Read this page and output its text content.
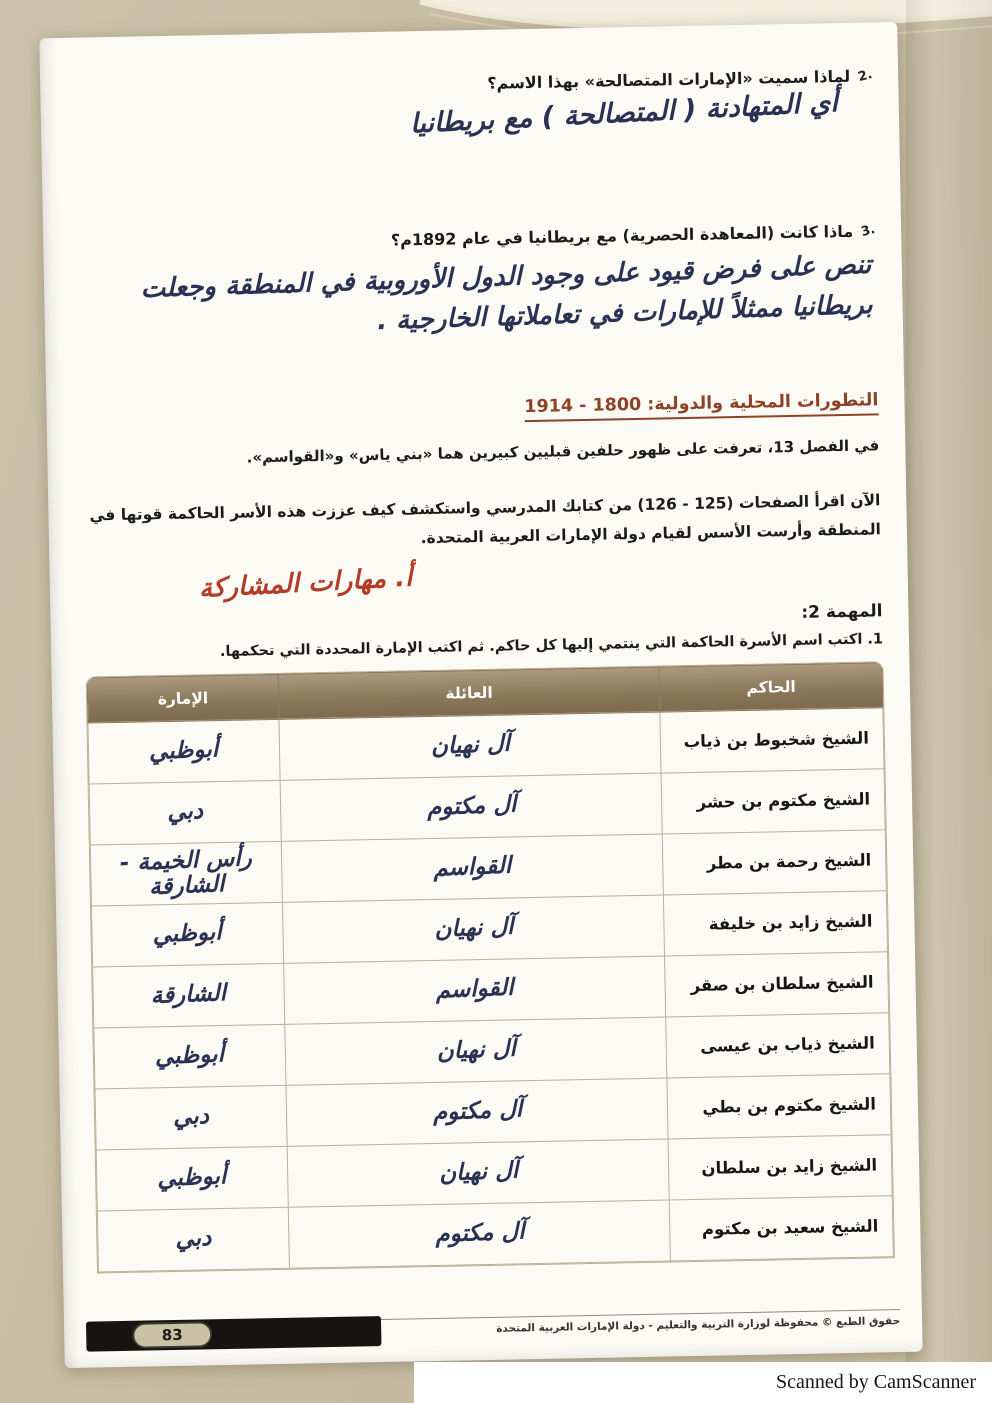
2.
لماذا سميت «الإمارات المتصالحة» بهذا الاسم؟
أي المتهادنة ( المتصالحة ) مع بريطانيا
3.
ماذا كانت (المعاهدة الحصرية) مع بريطانيا في عام 1892م؟
تنص على فرض قيود على وجود الدول الأوروبية في المنطقة وجعلت بريطانيا ممثلاً للإمارات في تعاملاتها الخارجية .
التطورات المحلية والدولية: 1800 - 1914

في الفصل 13، تعرفت على ظهور حلفين قبليين كبيرين هما «بني ياس» و«القواسم».

الآن اقرأ الصفحات (125 - 126) من كتابك المدرسي واستكشف كيف عززت هذه الأسر الحاكمة قوتها في المنطقة وأرست الأسس لقيام دولة الإمارات العربية المتحدة.

أ. مهارات المشاركة
المهمة 2:

1. اكتب اسم الأسرة الحاكمة التي ينتمي إليها كل حاكم. ثم اكتب الإمارة المحددة التي تحكمها.

الحاكم	العائلة	الإمارة
الشيخ شخبوط بن ذياب	آل نهيان	أبوظبي
الشيخ مكتوم بن حشر	آل مكتوم	دبي
الشيخ رحمة بن مطر	القواسم	رأس الخيمة - الشارقة
الشيخ زايد بن خليفة	آل نهيان	أبوظبي
الشيخ سلطان بن صقر	القواسم	الشارقة
الشيخ ذياب بن عيسى	آل نهيان	أبوظبي
الشيخ مكتوم بن بطي	آل مكتوم	دبي
الشيخ زايد بن سلطان	آل نهيان	أبوظبي
الشيخ سعيد بن مكتوم	آل مكتوم	دبي
حقوق الطبع © محفوظة لوزارة التربية والتعليم - دولة الإمارات العربية المتحدة
83
Scanned by CamScanner
